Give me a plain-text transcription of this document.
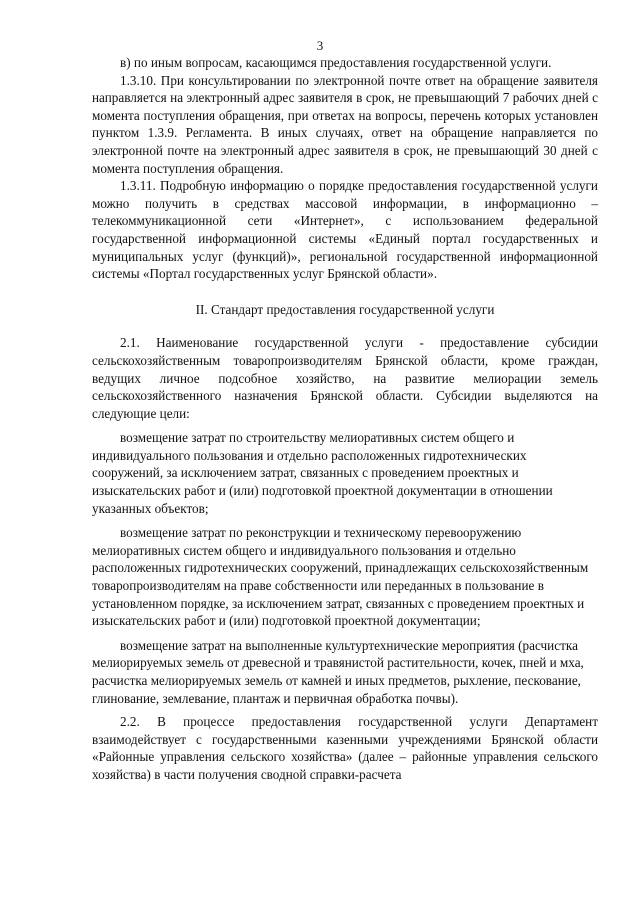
3

в) по иным вопросам, касающимся предоставления государственной услуги.

1.3.10. При консультировании по электронной почте ответ на обращение заявителя направляется на электронный адрес заявителя в срок, не превышающий 7 рабочих дней с момента поступления обращения, при ответах на вопросы, перечень которых установлен пунктом 1.3.9. Регламента. В иных случаях, ответ на обращение направляется по электронной почте на электронный адрес заявителя в срок, не превышающий 30 дней с момента поступления обращения.

1.3.11. Подробную информацию о порядке предоставления государственной услуги можно получить в средствах массовой информации, в информационно – телекоммуникационной сети «Интернет», с использованием федеральной государственной информационной системы «Единый портал государственных и муниципальных услуг (функций)», региональной государственной информационной системы «Портал государственных услуг Брянской области».

II. Стандарт предоставления государственной услуги

2.1. Наименование государственной услуги - предоставление субсидии сельскохозяйственным товаропроизводителям Брянской области, кроме граждан, ведущих личное подсобное хозяйство, на развитие мелиорации земель сельскохозяйственного назначения Брянской области. Субсидии выделяются на следующие цели:

возмещение затрат по строительству мелиоративных систем общего и индивидуального пользования и отдельно расположенных гидротехнических сооружений, за исключением затрат, связанных с проведением проектных и изыскательских работ и (или) подготовкой проектной документации в отношении указанных объектов;

возмещение затрат по реконструкции и техническому перевооружению мелиоративных систем общего и индивидуального пользования и отдельно расположенных гидротехнических сооружений, принадлежащих сельскохозяйственным товаропроизводителям на праве собственности или переданных в пользование в установленном порядке, за исключением затрат, связанных с проведением проектных и изыскательских работ и (или) подготовкой проектной документации;

возмещение затрат на выполненные культуртехнические мероприятия (расчистка мелиорируемых земель от древесной и травянистой растительности, кочек, пней и мха, расчистка мелиорируемых земель от камней и иных предметов, рыхление, пескование, глинование, землевание, плантаж и первичная обработка почвы).

2.2. В процессе предоставления государственной услуги Департамент взаимодействует с государственными казенными учреждениями Брянской области «Районные управления сельского хозяйства» (далее – районные управления сельского хозяйства) в части получения сводной справки-расчета
